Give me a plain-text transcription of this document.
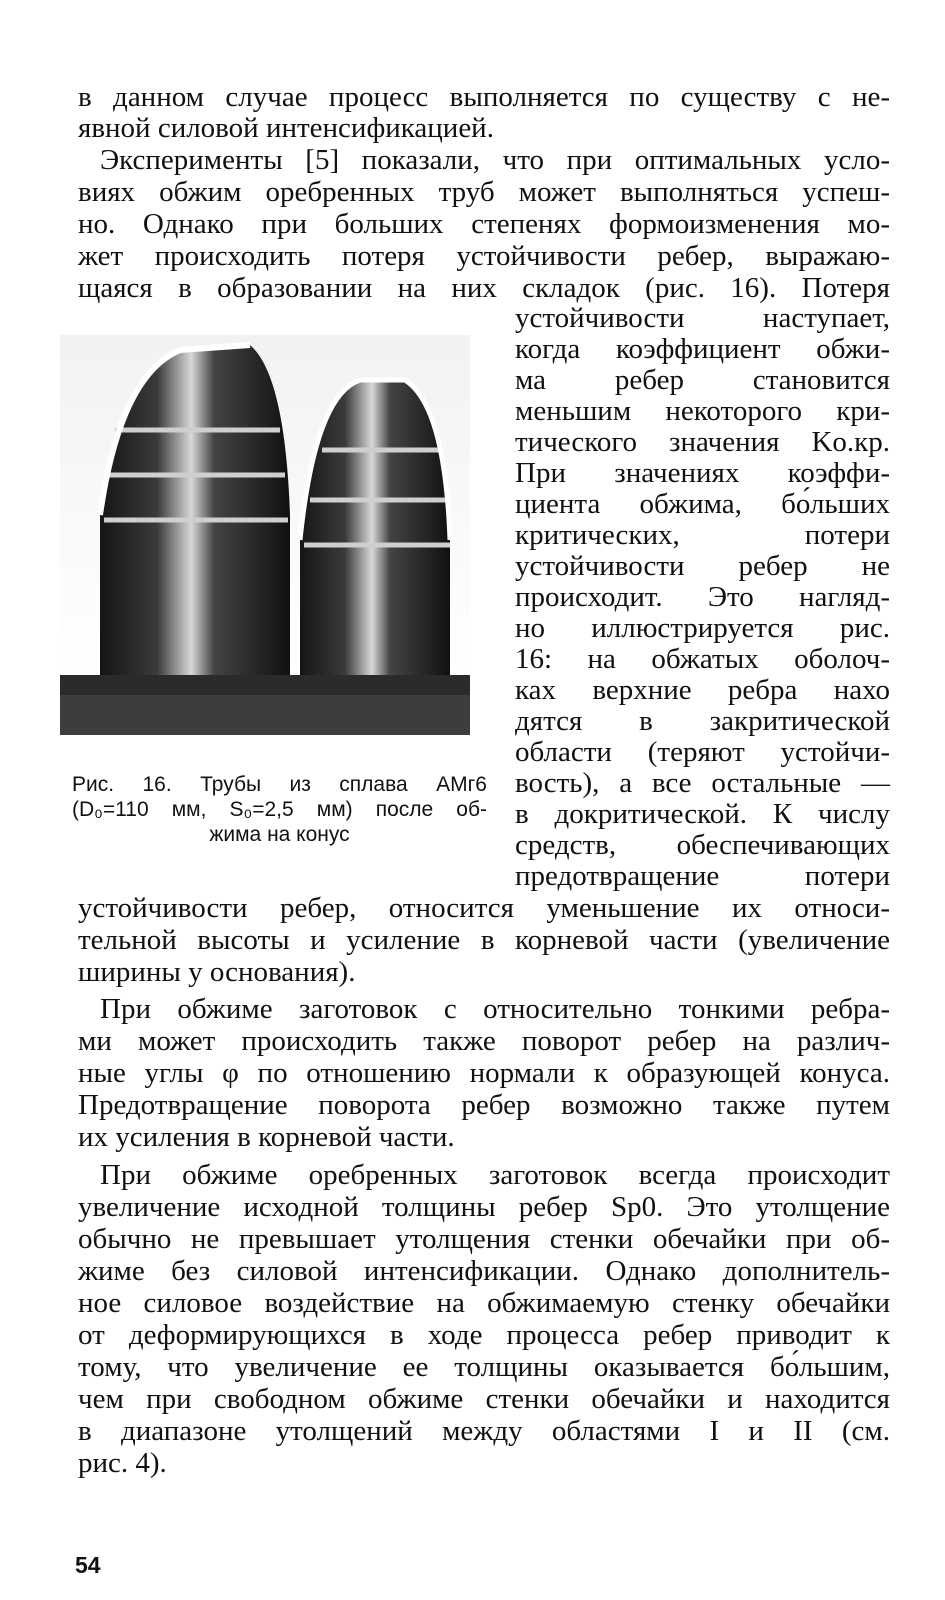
в данном случае процесс выполняется по существу с не-
явной силовой интенсификацией.
Эксперименты [5] показали, что при оптимальных усло-
виях обжим оребренных труб может выполняться успеш-
но. Однако при больших степенях формоизменения мо-
жет происходить потеря устойчивости ребер, выражаю-
щаяся в образовании на них складок (рис. 16). Потеря
устойчивости наступает,
когда коэффициент обжи-
ма ребер становится
меньшим некоторого кри-
тического значения Kо.кр.
При значениях коэффи-
циента обжима, бо́льших
критических, потери
устойчивости ребер не
происходит. Это нагляд-
но иллюстрируется рис.
16: на обжатых оболоч-
ках верхние ребра нахо
дятся в закритической
области (теряют устойчи-
вость), а все остальные —
в докритической. К числу
средств, обеспечивающих
предотвращение потери
Рис. 16. Трубы из сплава АМг6
(D₀=110 мм, S₀=2,5 мм) после об-
жима на конус
устойчивости ребер, относится уменьшение их относи-
тельной высоты и усиление в корневой части (увеличение
ширины у основания).
При обжиме заготовок с относительно тонкими ребра-
ми может происходить также поворот ребер на различ-
ные углы φ по отношению нормали к образующей конуса.
Предотвращение поворота ребер возможно также путем
их усиления в корневой части.
При обжиме оребренных заготовок всегда происходит
увеличение исходной толщины ребер Sр0. Это утолщение
обычно не превышает утолщения стенки обечайки при об-
жиме без силовой интенсификации. Однако дополнитель-
ное силовое воздействие на обжимаемую стенку обечайки
от деформирующихся в ходе процесса ребер приводит к
тому, что увеличение ее толщины оказывается бо́льшим,
чем при свободном обжиме стенки обечайки и находится
в диапазоне утолщений между областями I и II (см.
рис. 4).
54
